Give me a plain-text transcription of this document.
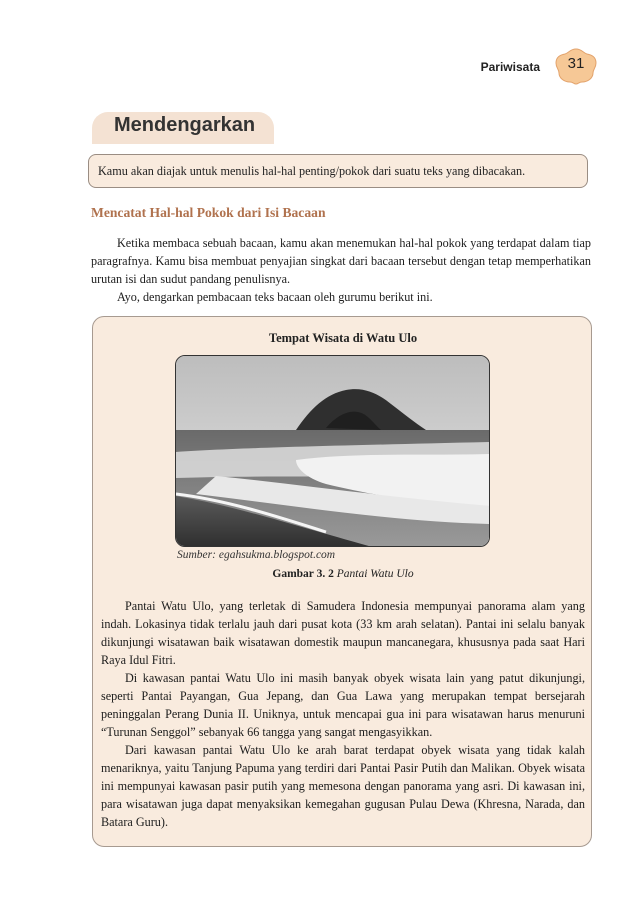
Pariwisata	31
Mendengarkan
Kamu akan diajak untuk menulis hal-hal penting/pokok dari suatu teks yang dibacakan.
Mencatat Hal-hal Pokok dari Isi Bacaan

Ketika membaca sebuah bacaan, kamu akan menemukan hal-hal pokok yang terdapat dalam tiap paragrafnya. Kamu bisa membuat penyajian singkat dari bacaan tersebut dengan tetap memperhatikan urutan isi dan sudut pandang penulisnya.

Ayo, dengarkan pembacaan teks bacaan oleh gurumu berikut ini.

Tempat Wisata di Watu Ulo
Sumber: egahsukma.blogspot.com
Gambar 3. 2 Pantai Watu Ulo

Pantai Watu Ulo, yang terletak di Samudera Indonesia mempunyai panorama alam yang indah. Lokasinya tidak terlalu jauh dari pusat kota (33 km arah selatan). Pantai ini selalu banyak dikunjungi wisatawan baik wisatawan domestik maupun mancanegara, khususnya pada saat Hari Raya Idul Fitri.

Di kawasan pantai Watu Ulo ini masih banyak obyek wisata lain yang patut dikunjungi, seperti Pantai Payangan, Gua Jepang, dan Gua Lawa yang merupakan tempat bersejarah peninggalan Perang Dunia II. Uniknya, untuk mencapai gua ini para wisatawan harus menuruni “Turunan Senggol” sebanyak 66 tangga yang sangat mengasyikkan.

Dari kawasan pantai Watu Ulo ke arah barat terdapat obyek wisata yang tidak kalah menariknya, yaitu Tanjung Papuma yang terdiri dari Pantai Pasir Putih dan Malikan. Obyek wisata ini mempunyai kawasan pasir putih yang memesona dengan panorama yang asri. Di kawasan ini, para wisatawan juga dapat menyaksikan kemegahan gugusan Pulau Dewa (Khresna, Narada, dan Batara Guru).
